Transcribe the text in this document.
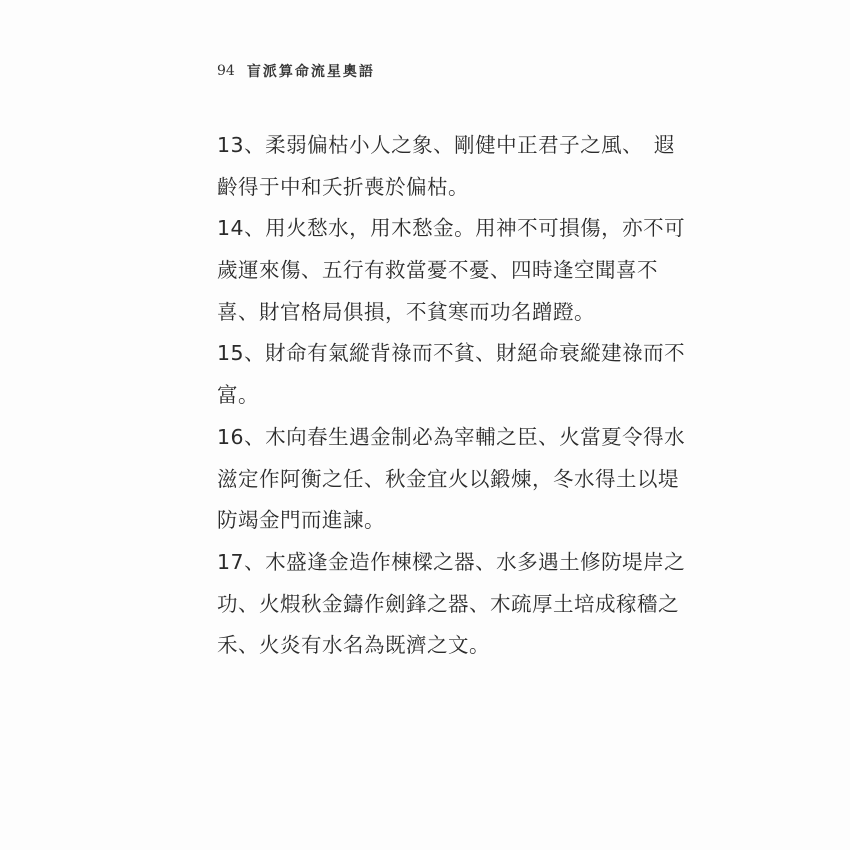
94 盲派算命流星奧語
13、柔弱偏枯小人之象、剛健中正君子之風、　遐
齡得于中和夭折喪於偏枯。
14、用火愁水，用木愁金。用神不可損傷，亦不可
歲運來傷、五行有救當憂不憂、四時逢空聞喜不
喜、財官格局俱損，不貧寒而功名蹭蹬。
15、財命有氣縱背祿而不貧、財絕命衰縱建祿而不
富。
16、木向春生遇金制必為宰輔之臣、火當夏令得水
滋定作阿衡之任、秋金宜火以鍛煉，冬水得土以堤
防竭金門而進諫。
17、木盛逢金造作棟樑之器、水多遇土修防堤岸之
功、火煆秋金鑄作劍鋒之器、木疏厚土培成稼穡之
禾、火炎有水名為既濟之文。
